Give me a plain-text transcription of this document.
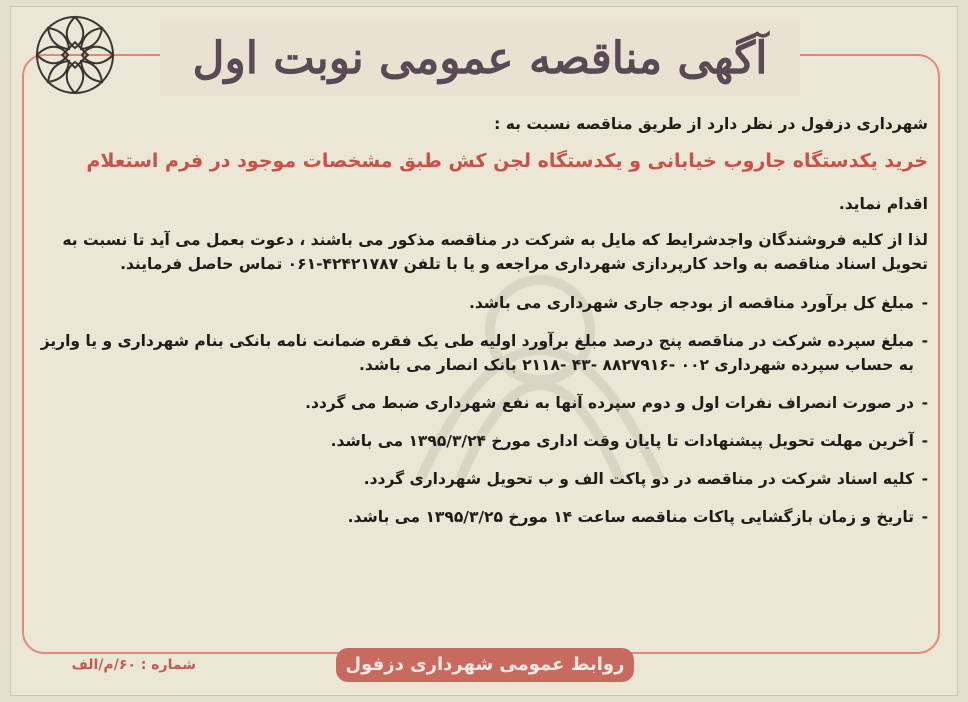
آگهی مناقصه عمومی نوبت اول

شهرداری دزفول در نظر دارد از طریق مناقصه نسبت به :

خرید یکدستگاه جاروب خیابانی و یکدستگاه لجن کش طبق مشخصات موجود در فرم استعلام

اقدام نماید.

لذا از کلیه فروشندگان واجدشرایط که مایل به شرکت در مناقصه مذکور می باشند ، دعوت بعمل می آید تا نسبت به تحویل اسناد مناقصه به واحد کارپردازی شهرداری مراجعه و یا با تلفن ۴۲۴۲۱۷۸۷-۰۶۱ تماس حاصل فرمایند.

-
مبلغ کل برآورد مناقصه از بودجه جاری شهرداری می باشد.
-
مبلغ سپرده شرکت در مناقصه پنج درصد مبلغ برآورد اولیه طی یک فقره ضمانت نامه بانکی بنام شهرداری و یا واریز به حساب سپرده شهرداری ۰۰۲ -۸۸۲۷۹۱۶ -۴۳ -۲۱۱۸ بانک انصار می باشد.
-
در صورت انصراف نفرات اول و دوم سپرده آنها به نفع شهرداری ضبط می گردد.
-
آخرین مهلت تحویل پیشنهادات تا پایان وقت اداری مورخ ۱۳۹۵/۳/۲۴ می باشد.
-
کلیه اسناد شرکت در مناقصه در دو پاکت الف و ب تحویل شهرداری گردد.
-
تاریخ و زمان بازگشایی پاکات مناقصه ساعت ۱۴ مورخ ۱۳۹۵/۳/۲۵ می باشد.
روابط عمومی شهرداری دزفول
شماره : ۶۰/م/الف
